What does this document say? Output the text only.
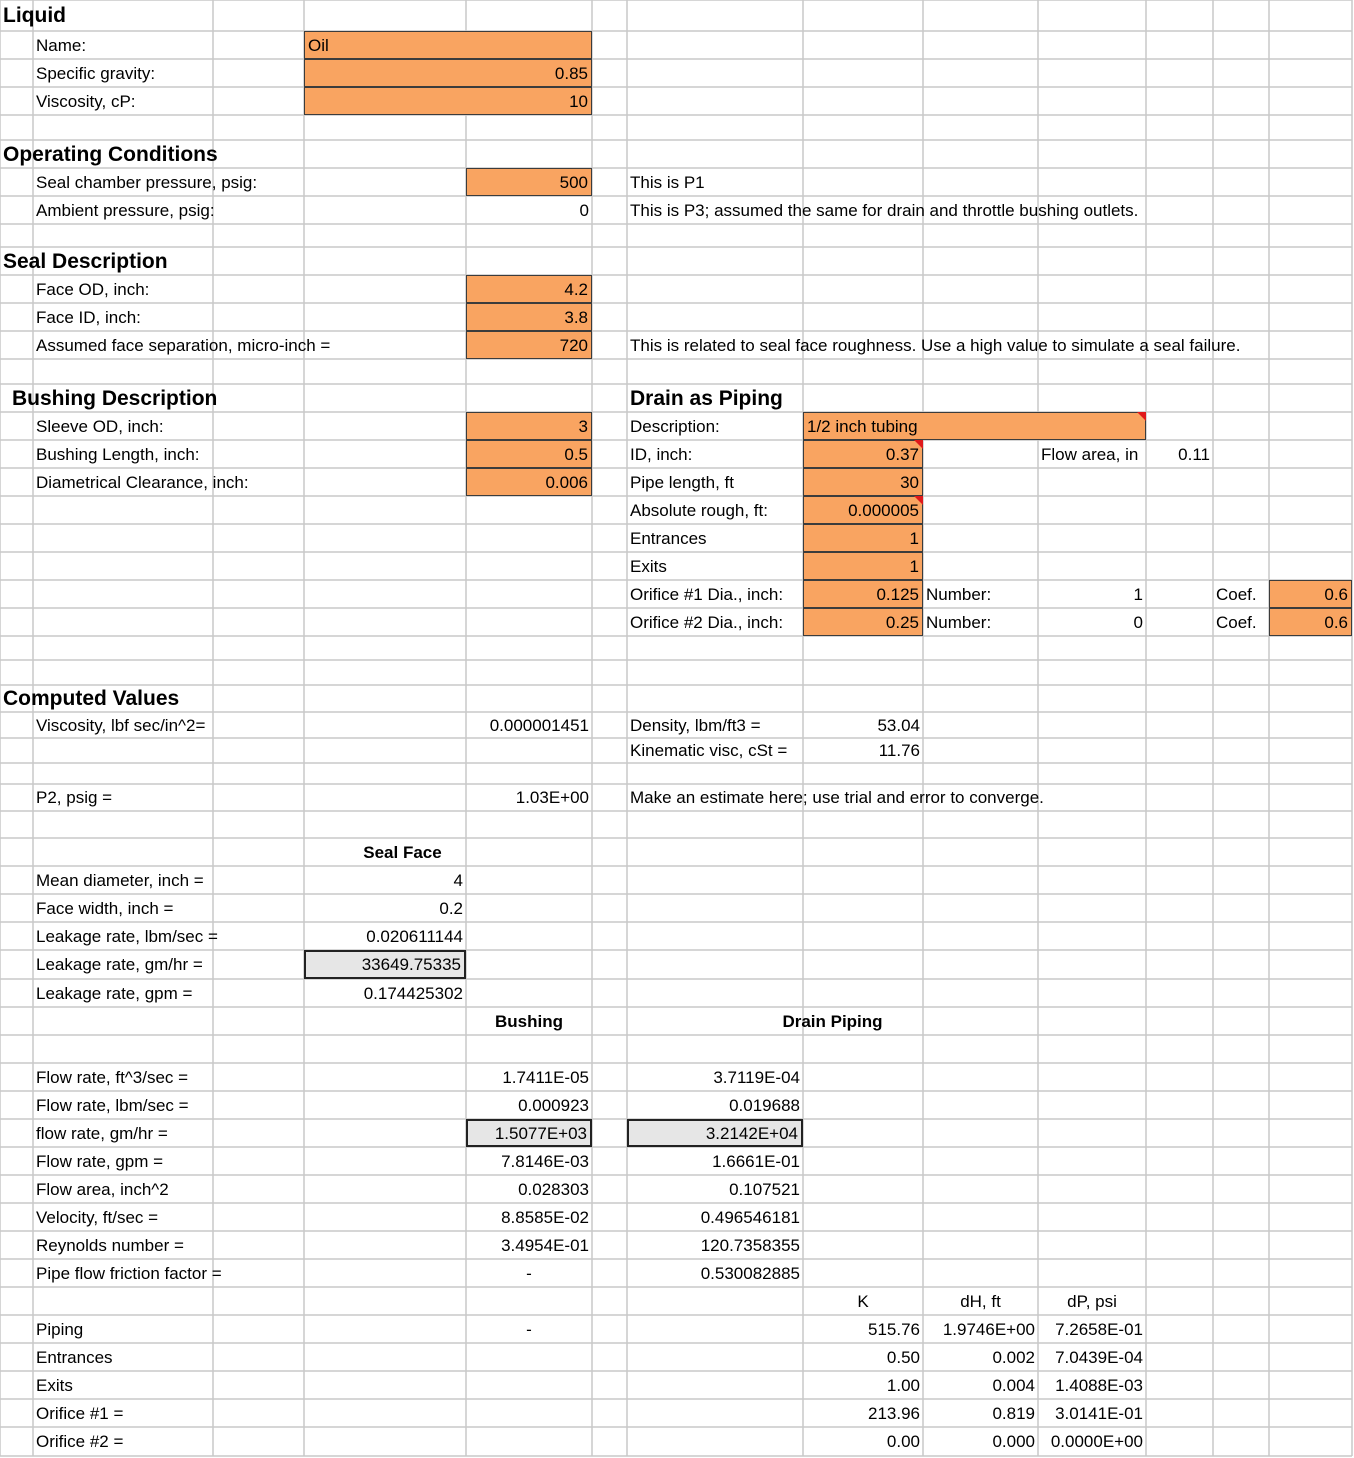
Liquid
Name:	Oil
Specific gravity:	0.85
Viscosity, cP:	10
Operating Conditions
Seal chamber pressure, psig:	500 This is P1
Ambient pressure, psig:	0 This is P3; assumed the same for drain and throttle bushing outlets.
Seal Description
Face OD, inch:	4.2
Face ID, inch:	3.8
Assumed face separation, micro-inch =	720 This is related to seal face roughness. Use a high value to simulate a seal failure.
Bushing Description
Sleeve OD, inch:	3
Bushing Length, inch:	0.5
Diametrical Clearance, inch:	0.006
Drain as Piping
Description:	1/2 inch tubing
ID, inch:	0.37	Flow area, in	0.11
Pipe length, ft	30
Absolute rough, ft:	0.000005
Entrances	1
Exits	1
Orifice #1 Dia., inch:	0.125 Number:	1	Coef.	0.6
Orifice #2 Dia., inch:	0.25 Number:	0	Coef.	0.6
Computed Values
Viscosity, lbf sec/in^2=	0.000001451 Density, lbm/ft3 =	53.04
Kinematic visc, cSt =	11.76
P2, psig =	1.03E+00 Make an estimate here; use trial and error to converge.
Seal Face
Mean diameter, inch =	4
Face width, inch =	0.2
Leakage rate, lbm/sec =	0.020611144
Leakage rate, gm/hr =	33649.75335
Leakage rate, gpm =	0.174425302
Bushing	Drain Piping
Flow rate, ft^3/sec =	1.7411E-05	3.7119E-04
Flow rate, lbm/sec =	0.000923	0.019688
flow rate, gm/hr =	1.5077E+03	3.2142E+04
Flow rate, gpm =	7.8146E-03	1.6661E-01
Flow area, inch^2	0.028303	0.107521
Velocity, ft/sec =	8.8585E-02	0.496546181
Reynolds number =	3.4954E-01	120.7358355
Pipe flow friction factor =	-	0.530082885
K	dH, ft	dP, psi
Piping	-	515.76	1.9746E+00	7.2658E-01
Entrances	0.50	0.002	7.0439E-04
Exits	1.00	0.004	1.4088E-03
Orifice #1 =	213.96	0.819	3.0141E-01
Orifice #2 =	0.00	0.000 0.0000E+00
